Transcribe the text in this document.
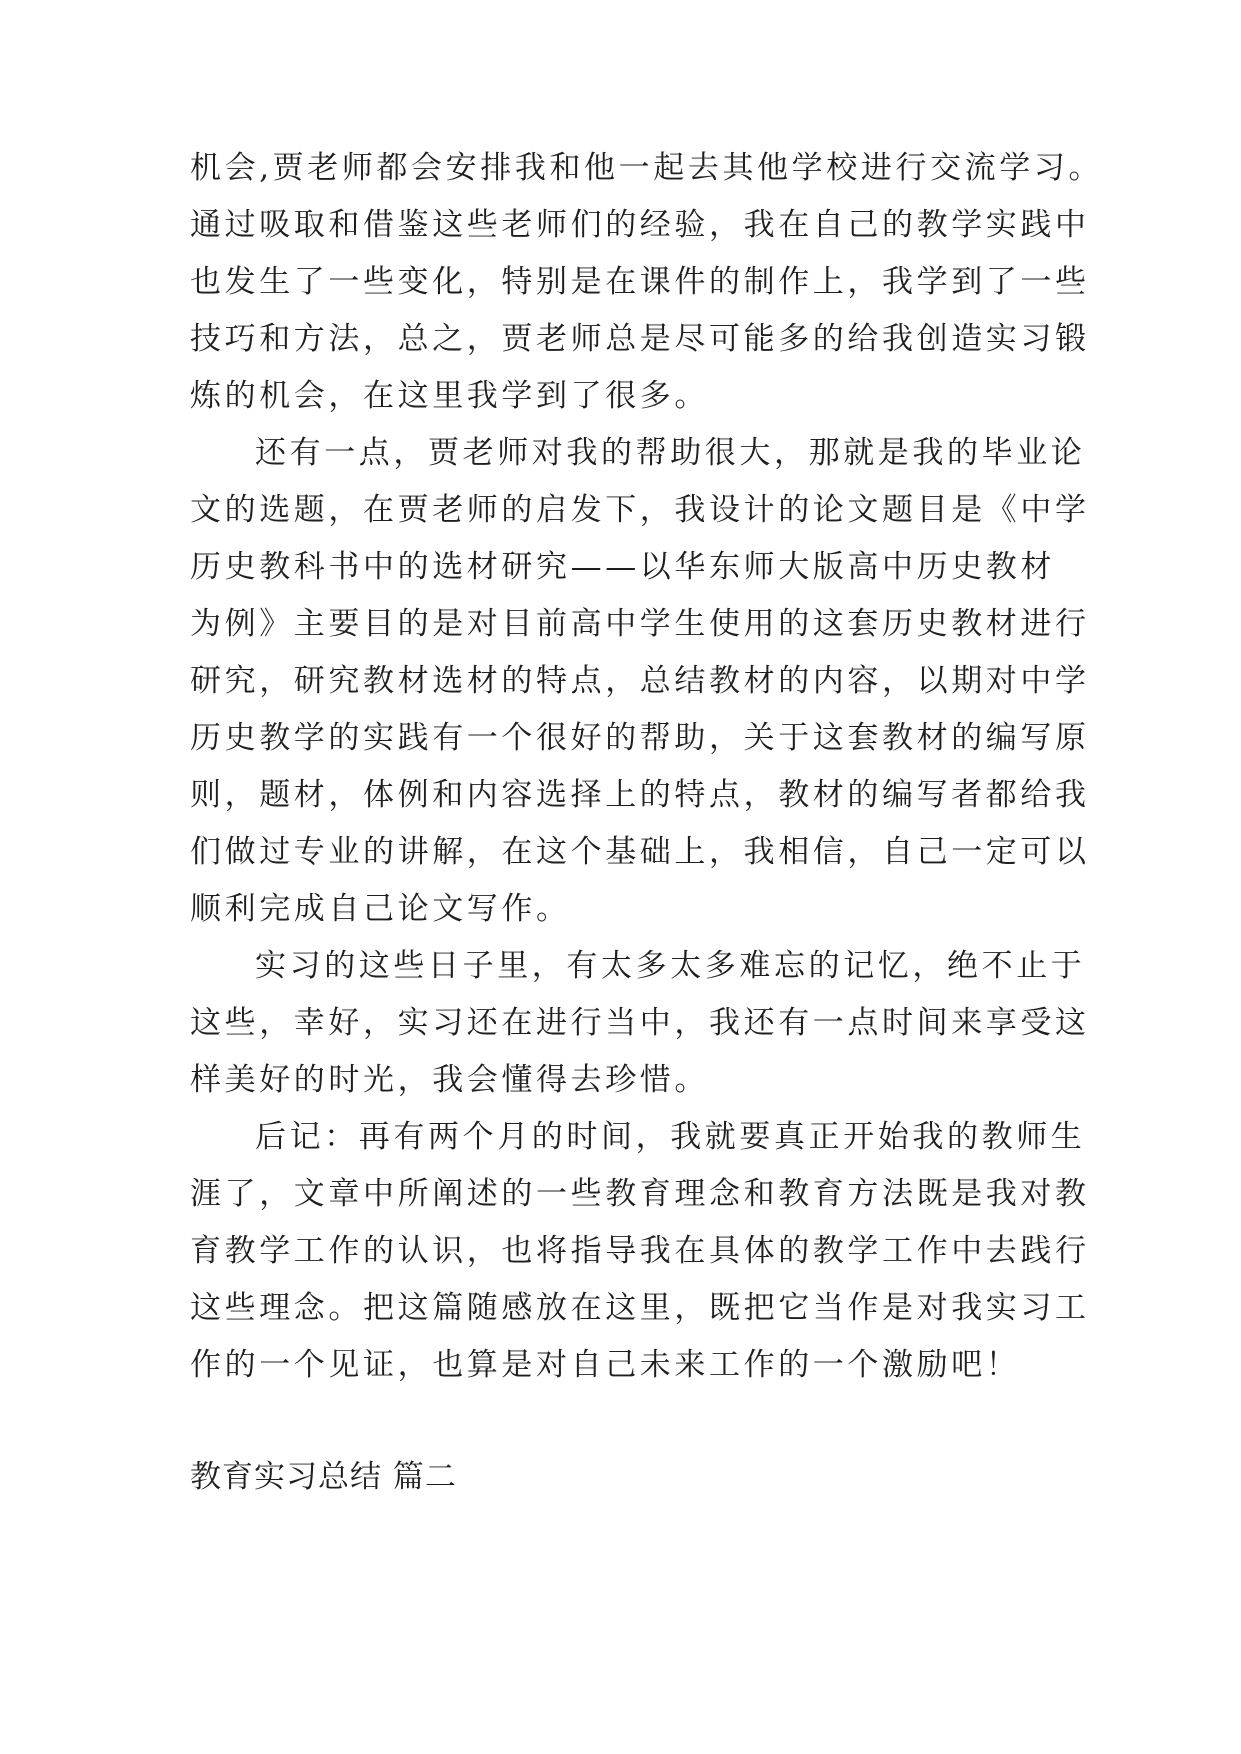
机会,贾老师都会安排我和他一起去其他学校进行交流学习。

通过吸取和借鉴这些老师们的经验，我在自己的教学实践中

也发生了一些变化，特别是在课件的制作上，我学到了一些

技巧和方法，总之，贾老师总是尽可能多的给我创造实习锻

炼的机会，在这里我学到了很多。

还有一点，贾老师对我的帮助很大，那就是我的毕业论

文的选题，在贾老师的启发下，我设计的论文题目是《中学

历史教科书中的选材研究——以华东师大版高中历史教材

为例》主要目的是对目前高中学生使用的这套历史教材进行

研究，研究教材选材的特点，总结教材的内容，以期对中学

历史教学的实践有一个很好的帮助，关于这套教材的编写原

则，题材，体例和内容选择上的特点，教材的编写者都给我

们做过专业的讲解，在这个基础上，我相信，自己一定可以

顺利完成自己论文写作。

实习的这些日子里，有太多太多难忘的记忆，绝不止于

这些，幸好，实习还在进行当中，我还有一点时间来享受这

样美好的时光，我会懂得去珍惜。

后记：再有两个月的时间，我就要真正开始我的教师生

涯了，文章中所阐述的一些教育理念和教育方法既是我对教

育教学工作的认识，也将指导我在具体的教学工作中去践行

这些理念。把这篇随感放在这里，既把它当作是对我实习工

作的一个见证，也算是对自己未来工作的一个激励吧！

教育实习总结 篇二
